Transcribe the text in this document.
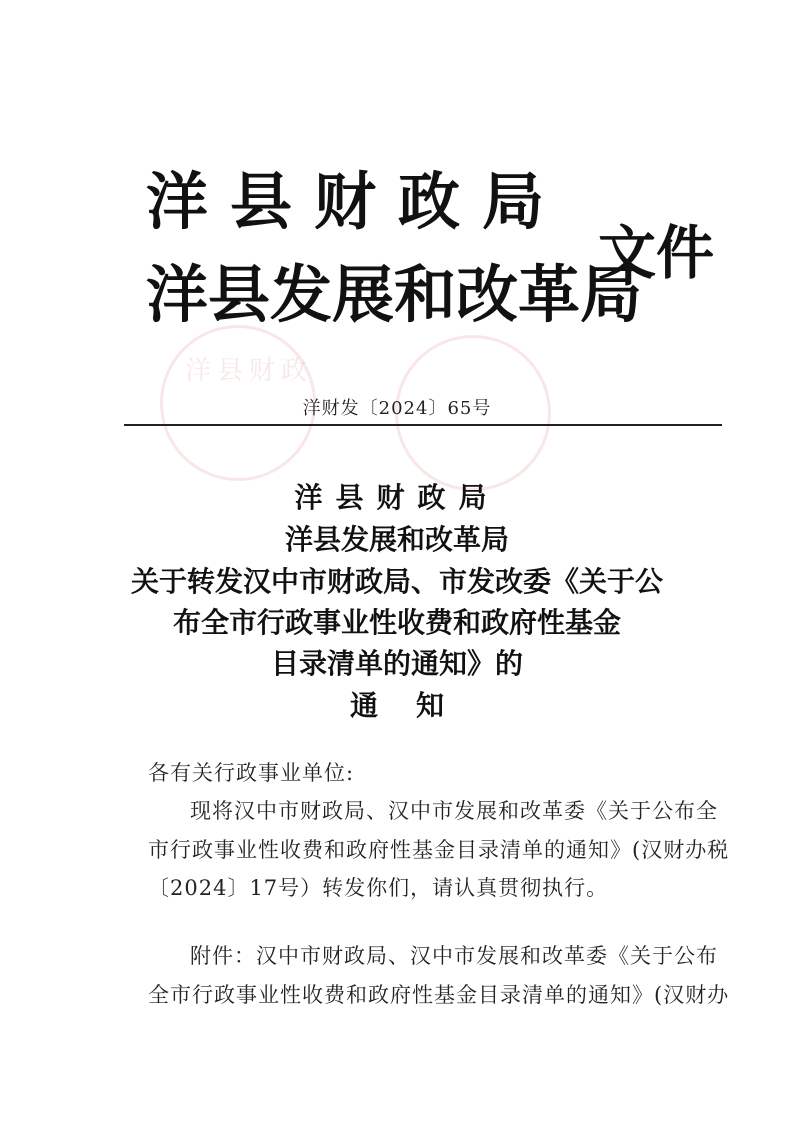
洋县财政
洋县财政局
洋县发展和改革局
文件
洋财发〔2024〕65号
洋县财政局
洋县发展和改革局
关于转发汉中市财政局、市发改委《关于公
布全市行政事业性收费和政府性基金
目录清单的通知》的
通知
各有关行政事业单位:
现将汉中市财政局、汉中市发展和改革委《关于公布全
市行政事业性收费和政府性基金目录清单的通知》(汉财办税
〔2024〕17号）转发你们，请认真贯彻执行。
附件：汉中市财政局、汉中市发展和改革委《关于公布
全市行政事业性收费和政府性基金目录清单的通知》(汉财办
